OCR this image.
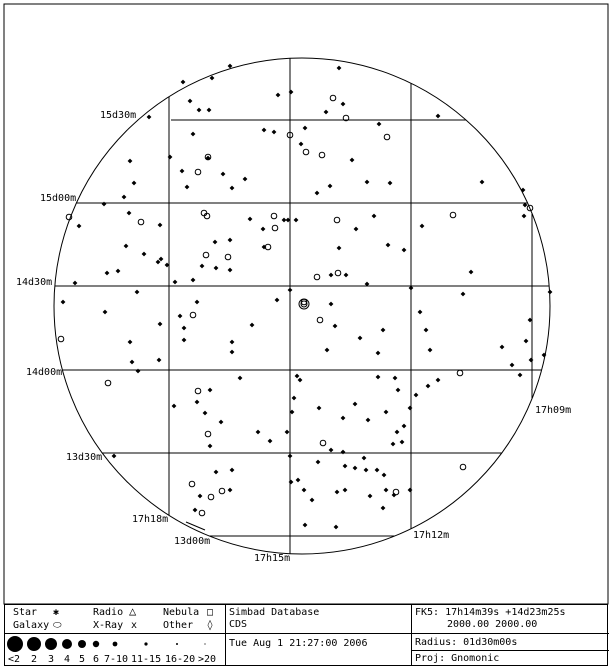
15d30m
15d00m
14d30m
14d00m
13d30m
13d00m
17h18m
17h15m
17h12m
17h09m
Star ✱
Galaxy ⬭
Radio △
X-Ray x
Nebula □
Other ◊
<2 2 3 4 5 6 7-10 11-15 16-20 >20
Simbad Database
CDS
Tue Aug 1 21:27:00 2006
FK5: 17h14m39s +14d23m25s
2000.00 2000.00
Radius: 01d30m00s
Proj: Gnomonic
